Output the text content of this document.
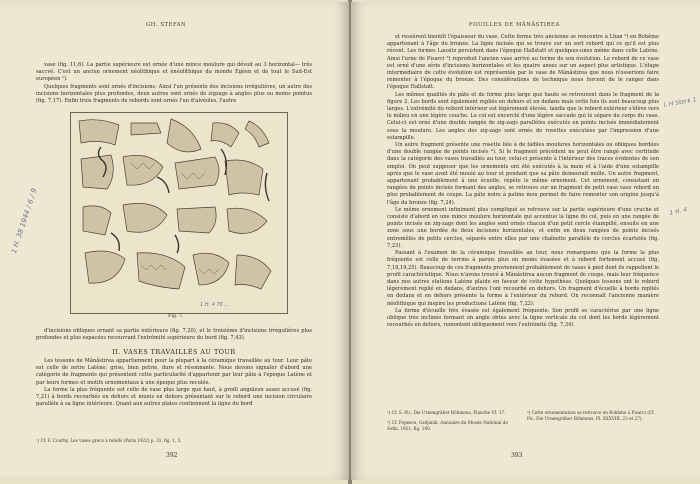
GH. STEFAN

vase (fig. 11,6). La partie supérieure est ornée d'une mince moulure qui dévoit au 3 horizontal— très saccvé. C'est un ancien ornement néolithique et énéolithique du monde Égéen et de tout le Sud-Est européen ¹).

Quelques fragments sont ornés d'incisions. Ainsi l'un présente des incisions irrégulières, un autre des incisions horizontales plus profondes, deux autres sont ornés de zigzags à angles plus ou moins pointus (fig. 7,17). Enfin trois fragments de rebords sont ornés l'un d'alvéoles, l'autre

Fig. 7.

d'incisions obliques ornant sa partie extérieure (fig. 7,20), et le troisième d'incisions irrégulières plus profondes et plus espacées recouvrant l'extrémité supérieure du bord (fig. 7,43).

II. VASES TRAVAILLÉS AU TOUR

Les tessons de Mânăstirea appartiennent pour la plupart à la céramique travaillée au tour. Leur pâte est celle de notre Latène: grise, bien petrie, dure et résonnante. Nous devons signaler d'abord une catégorie de fragments qui présentent cette particularité d'appartenir par leur pâte à l'époque Latène et par leurs formes et motifs ornementaux à une époque plus reculée.

La forme la plus fréquente est celle de vase plus large que haut, à profil anguleux assez accusé (fig. 7,21) à bords recourbés en dehors et munis en dehors présentant sur le rebord une incision circulaire parallèle à sa ligne intérieure. Quant aux autres plates contiennent la ligne du bord

¹) Cf. F. Courby, Les vases grecs à reliefs (Paris 1922) p. 31, fig. 1, 5.
392
1 H. 38 1944 / 6 / 9
1 H. 4 78 ...
FOUILLES DE MÂNĂSTIREA

et ressèrent bientôt l'épaisseur du vase. Cette forme très ancienne se rencontre à Lhan ²) en Bohême appartenant à l'âge du bronze. La ligne incisée qui se trouve sur un sort rebord qui ce qu'il est plus récent. Les formes Lausitz persistent dans l'époque Hallstatt et quelques-unes même dans celle Latène. Ainsi l'urne de Pisarci ³) reproduit l'ancien vase arrivé au terme de son évolution. Le rebord de ce vase est orné d'une série d'incisions horizontales et les quatre anses sur un aspect plus artistique. L'étape intermédiaire de cette évolution est représentée par le vase de Mânăstirea que nous n'osserions faire remonter à l'époque du bronze. Des considérations de technique nous forcent de le ranger dans l'époque Hallstatt.

Les mêmes qualités de pâte et de forme plus large que haute se retrouvent dans le fragment de la figure 2. Les bords sont également repliés en dehors et en dedans mais cette fois ils sont beaucoup plus larges. L'extrémité du rebord intérieur est légèrement élevée, tandis que le rebord extérieur s'élève vers le milieu en une légère couche. Le col est encerclé d'une légère saccade qui le sépare du corps du vase. Celui-ci est orné d'une double rangée de zig-zags parallèles exécutés en points incisés immédiatement sous la moulure. Les angles des zig-zags sont ornés de rosettes exécutées par l'impression d'une estampille.

Un autre fragment présente une rosette liée à de faibles moulures horizontales ou obliques bordées d'une double rangée de points incisés ⁴). Si le fragment précédent ne peut être rangé avec certitude dans la catégorie des vases travaillés au tour, celui-ci présente à l'intérieur des traces évidentes de son emploi. On peut supposer que les ornements ont été exécutés à la main et à l'aide d'une estampille après que le vase avait été moulé au tour et pendant que sa pâte demeurait molle. Un autre fragment, appartenant probablement à une écuelle, répète le même ornement. Cet ornement, consistant en rangées de points incisés formant des angles, se retrouve sur un fragment de petit vase vase rebord en plus probablement de coupe. La pâte noire à patine mou permet de faire remonter son origine jusqu'à l'âge du bronze (fig. 7,24).

Le même ornement infiniment plus compliqué se retrouve sur la partie supérieure d'une cruche et consiste d'abord en une mince moulure horizontale qui accentue la ligne du col, puis en une rangée de points incisés en zig-zags dont les angles sont ornés chacun d'un petit cercle étampillé, ensuite en une zone sous une bordée de deux incisions horizontales, et enfin en deux rangées de points incisés entremêlés de petits cercles, séparés entre elles par une chaînette parallèle de cercles écartelés (fig. 7,23).

Passant à l'examen de la céramique travaillée au tour, nous remarquons que la forme la plus fréquente est celle de terrine à parois plus ou moins évasées et à rebord fortement accusé (fig. 7,18,19,25). Beaucoup de ces fragments proviennent probablement de vases à pied dont ils rappellent le profil caractéristique. Nous n'avons trouvé à Mânăstirea aucun fragment de coupe, mais leur fréquence dans nos autres stations Latène plaide en faveur de cette hypothèse. Quelques tessons ont le rebord légèrement replié en dedans, d'autres l'ont recourbé en dehors. Un fragment d'écuelle à bords repliés en dedans et en dehors présente la forme à l'extérieur du rebord. On reconnaît l'ancienne manière néolithique qui inspire les productions Latène (fig. 7,22).

La forme d'écuelle très évasée est également fréquente. Son profil se caractérise par une ligne oblique très inclinée formant un angle obtus avec la ligne verticale du col dont les bords légèrement recourbés en dehors, remontent obliquement vers l'extrémité (fig. 7,34).

²) Cf. S. Pic, Die Urnengräber Böhmens, Planche VI, 17.
³) Cf. Popescu, Gsdjanik, Annuaire du Musée National de Sofia, 1921, fig. 100.
⁴) Cette ornementation se retrouve en Bohême à Pisarci (Cf. Pic, Die Urnengräber Böhmens, Pl. XXXVIII, 23 et 27).
393
l. H Sterk 1
1 H. 4
